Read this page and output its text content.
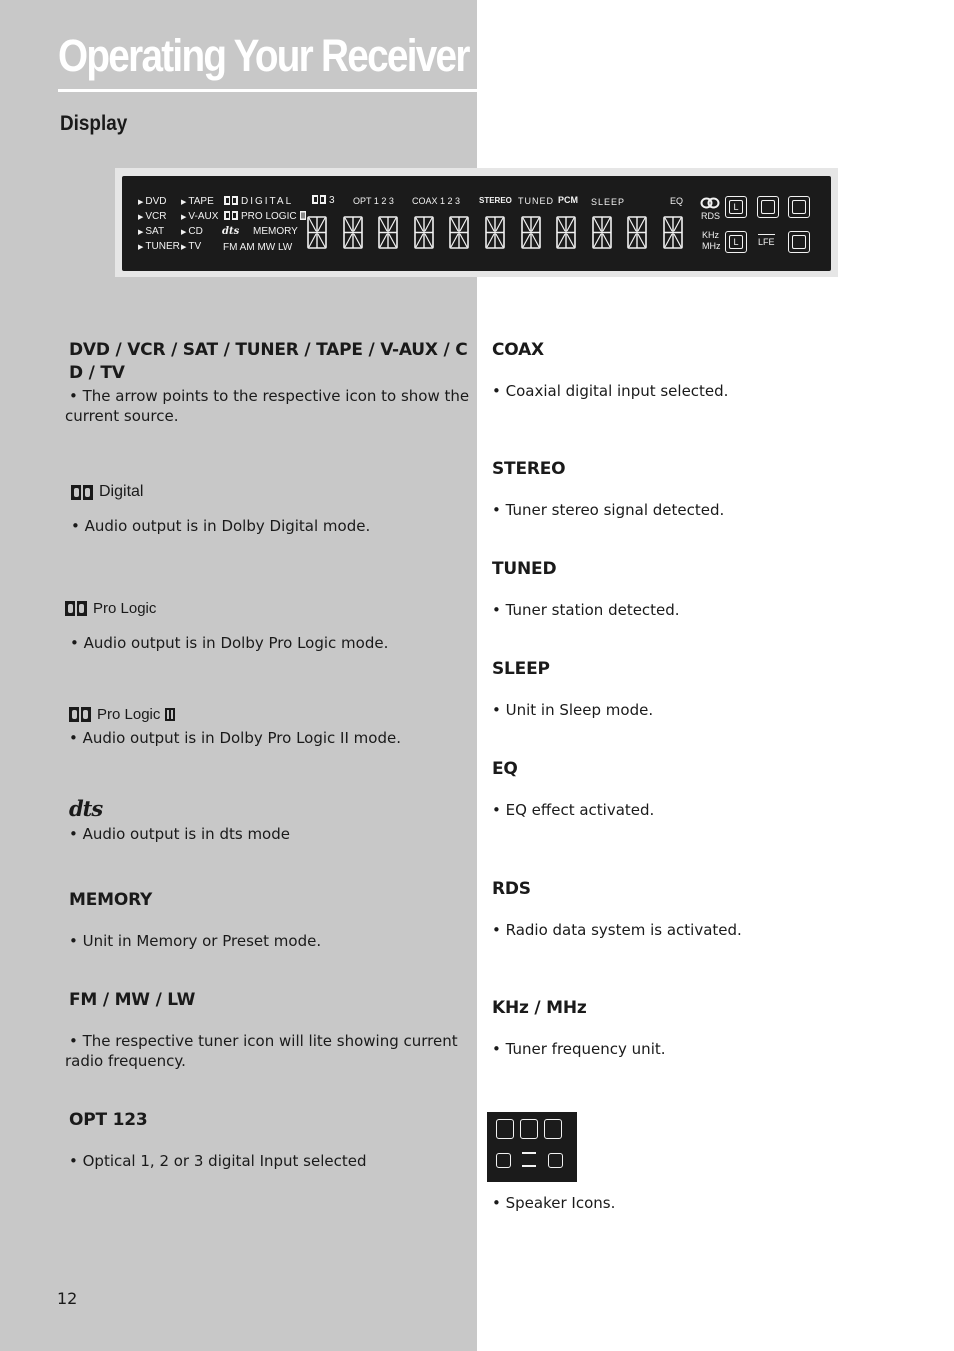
Operating Your Receiver
Display
▶ DVD
▶ VCR
▶ SAT
▶ TUNER
▶ TAPE
▶ V-AUX
▶ CD
▶ TV
DIGITAL
PRO LOGIC
dts MEMORY
FM AM MW LW
3 OPT 1 2 3 COAX 1 2 3 STEREO TUNED PCM SLEEP	EQ
RDS
KHz
MHz
L
L	LFE
DVD / VCR / SAT / TUNER / TAPE / V-AUX / C D / TV

• The arrow points to the respective icon to show the current source.

Digital

• Audio output is in Dolby Digital mode.

Pro Logic

• Audio output is in Dolby Pro Logic mode.

Pro Logic

• Audio output is in Dolby Pro Logic II mode.

dts

• Audio output is in dts mode

MEMORY

• Unit in Memory or Preset mode.

FM / MW / LW

• The respective tuner icon will lite showing current radio frequency.

OPT 123

• Optical 1, 2 or 3 digital Input selected

12

COAX

• Coaxial digital input selected.

STEREO

• Tuner stereo signal detected.

TUNED

• Tuner station detected.

SLEEP

• Unit in Sleep mode.

EQ

• EQ effect activated.

RDS

• Radio data system is activated.

KHz / MHz

• Tuner frequency unit.

• Speaker Icons.
